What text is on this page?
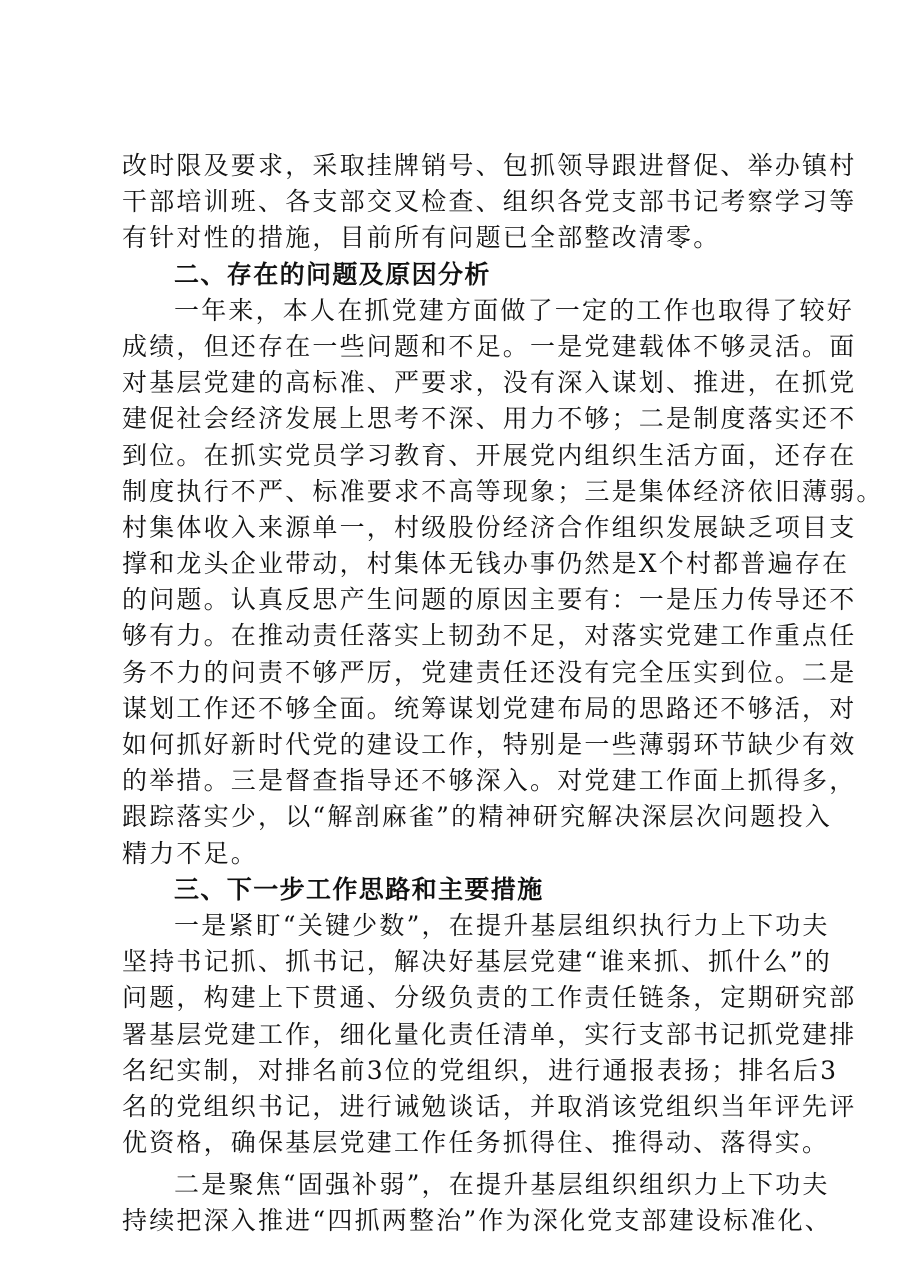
改时限及要求，采取挂牌销号、包抓领导跟进督促、举办镇村
干部培训班、各支部交叉检查、组织各党支部书记考察学习等
有针对性的措施，目前所有问题已全部整改清零。
二、存在的问题及原因分析
一年来，本人在抓党建方面做了一定的工作也取得了较好
成绩，但还存在一些问题和不足。一是党建载体不够灵活。面
对基层党建的高标准、严要求，没有深入谋划、推进，在抓党
建促社会经济发展上思考不深、用力不够；二是制度落实还不
到位。在抓实党员学习教育、开展党内组织生活方面，还存在
制度执行不严、标准要求不高等现象；三是集体经济依旧薄弱。
村集体收入来源单一，村级股份经济合作组织发展缺乏项目支
撑和龙头企业带动，村集体无钱办事仍然是X个村都普遍存在
的问题。认真反思产生问题的原因主要有：一是压力传导还不
够有力。在推动责任落实上韧劲不足，对落实党建工作重点任
务不力的问责不够严厉，党建责任还没有完全压实到位。二是
谋划工作还不够全面。统筹谋划党建布局的思路还不够活，对
如何抓好新时代党的建设工作，特别是一些薄弱环节缺少有效
的举措。三是督查指导还不够深入。对党建工作面上抓得多，
跟踪落实少，以“解剖麻雀”的精神研究解决深层次问题投入
精力不足。
三、下一步工作思路和主要措施
一是紧盯“关键少数”，在提升基层组织执行力上下功夫
坚持书记抓、抓书记，解决好基层党建“谁来抓、抓什么”的
问题，构建上下贯通、分级负责的工作责任链条，定期研究部
署基层党建工作，细化量化责任清单，实行支部书记抓党建排
名纪实制，对排名前3位的党组织，进行通报表扬；排名后3
名的党组织书记，进行诫勉谈话，并取消该党组织当年评先评
优资格，确保基层党建工作任务抓得住、推得动、落得实。
二是聚焦“固强补弱”，在提升基层组织组织力上下功夫
持续把深入推进“四抓两整治”作为深化党支部建设标准化、
